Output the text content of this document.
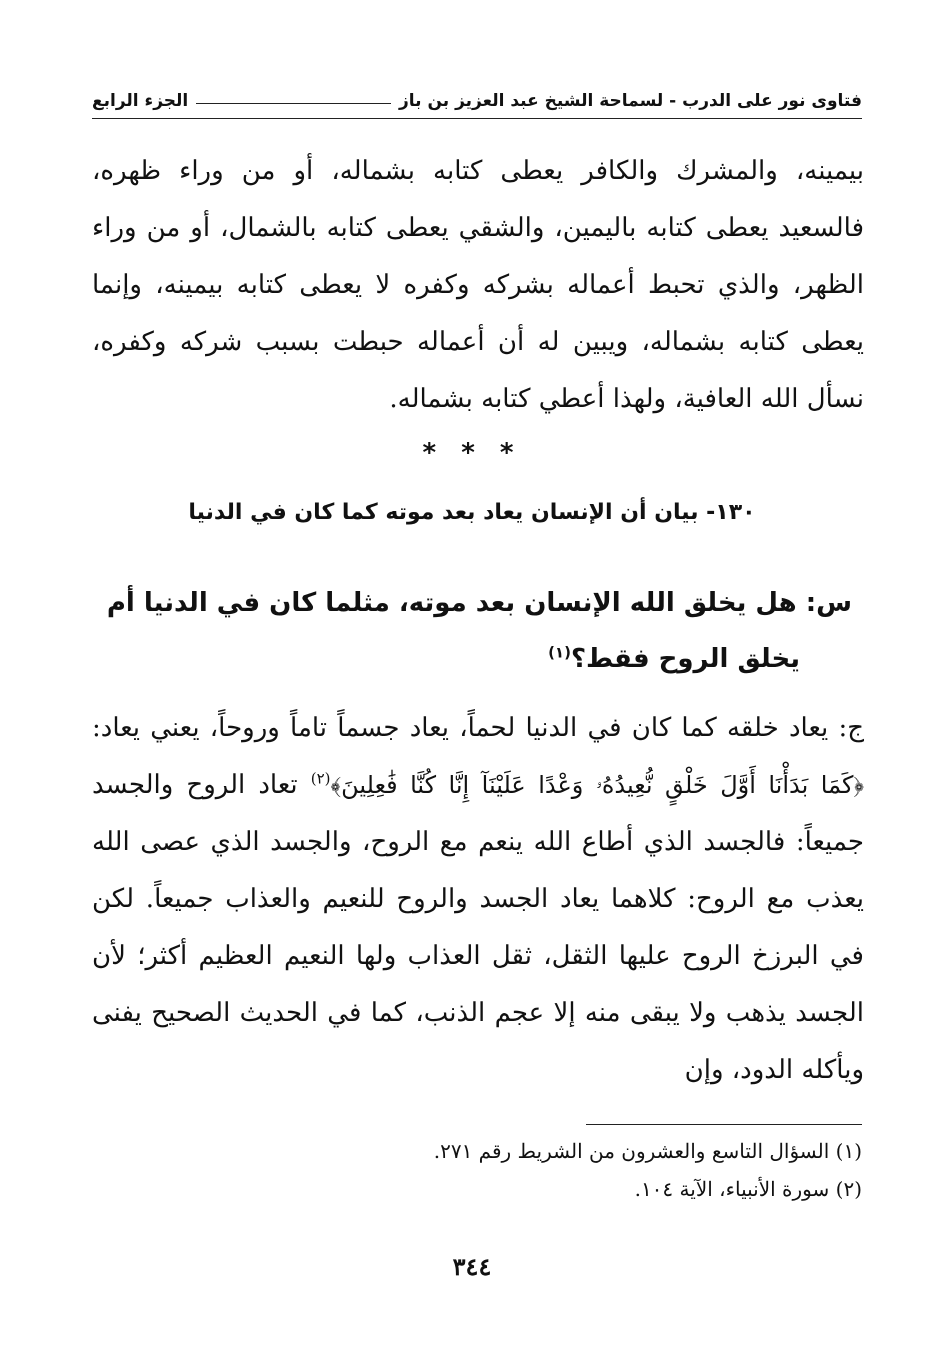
فتاوى نور على الدرب - لسماحة الشيخ عبد العزيز بن باز
الجزء الرابع
بيمينه، والمشرك والكافر يعطى كتابه بشماله، أو من وراء ظهره، فالسعيد يعطى كتابه باليمين، والشقي يعطى كتابه بالشمال، أو من وراء الظهر، والذي تحبط أعماله بشركه وكفره لا يعطى كتابه بيمينه، وإنما يعطى كتابه بشماله، ويبين له أن أعماله حبطت بسبب شركه وكفره، نسأل الله العافية، ولهذا أعطي كتابه بشماله.
* * *
١٣٠- بيان أن الإنسان يعاد بعد موته كما كان في الدنيا
س: هل يخلق الله الإنسان بعد موته، مثلما كان في الدنيا أم
يخلق الروح فقط؟$^{(١)}$
ج: يعاد خلقه كما كان في الدنيا لحماً، يعاد جسماً تاماً وروحاً، يعني يعاد: ﴿كَمَا بَدَأْنَا أَوَّلَ خَلْقٍ نُّعِيدُهُۥ وَعْدًا عَلَيْنَآ إِنَّا كُنَّا فَٰعِلِينَ﴾$^{(٢)}$ تعاد الروح والجسد جميعاً: فالجسد الذي أطاع الله ينعم مع الروح، والجسد الذي عصى الله يعذب مع الروح: كلاهما يعاد الجسد والروح للنعيم والعذاب جميعاً. لكن في البرزخ الروح عليها الثقل، ثقل العذاب ولها النعيم العظيم أكثر؛ لأن الجسد يذهب ولا يبقى منه إلا عجم الذنب، كما في الحديث الصحيح يفنى ويأكله الدود، وإن
(١) السؤال التاسع والعشرون من الشريط رقم ٢٧١.
(٢) سورة الأنبياء، الآية ١٠٤.
٣٤٤
